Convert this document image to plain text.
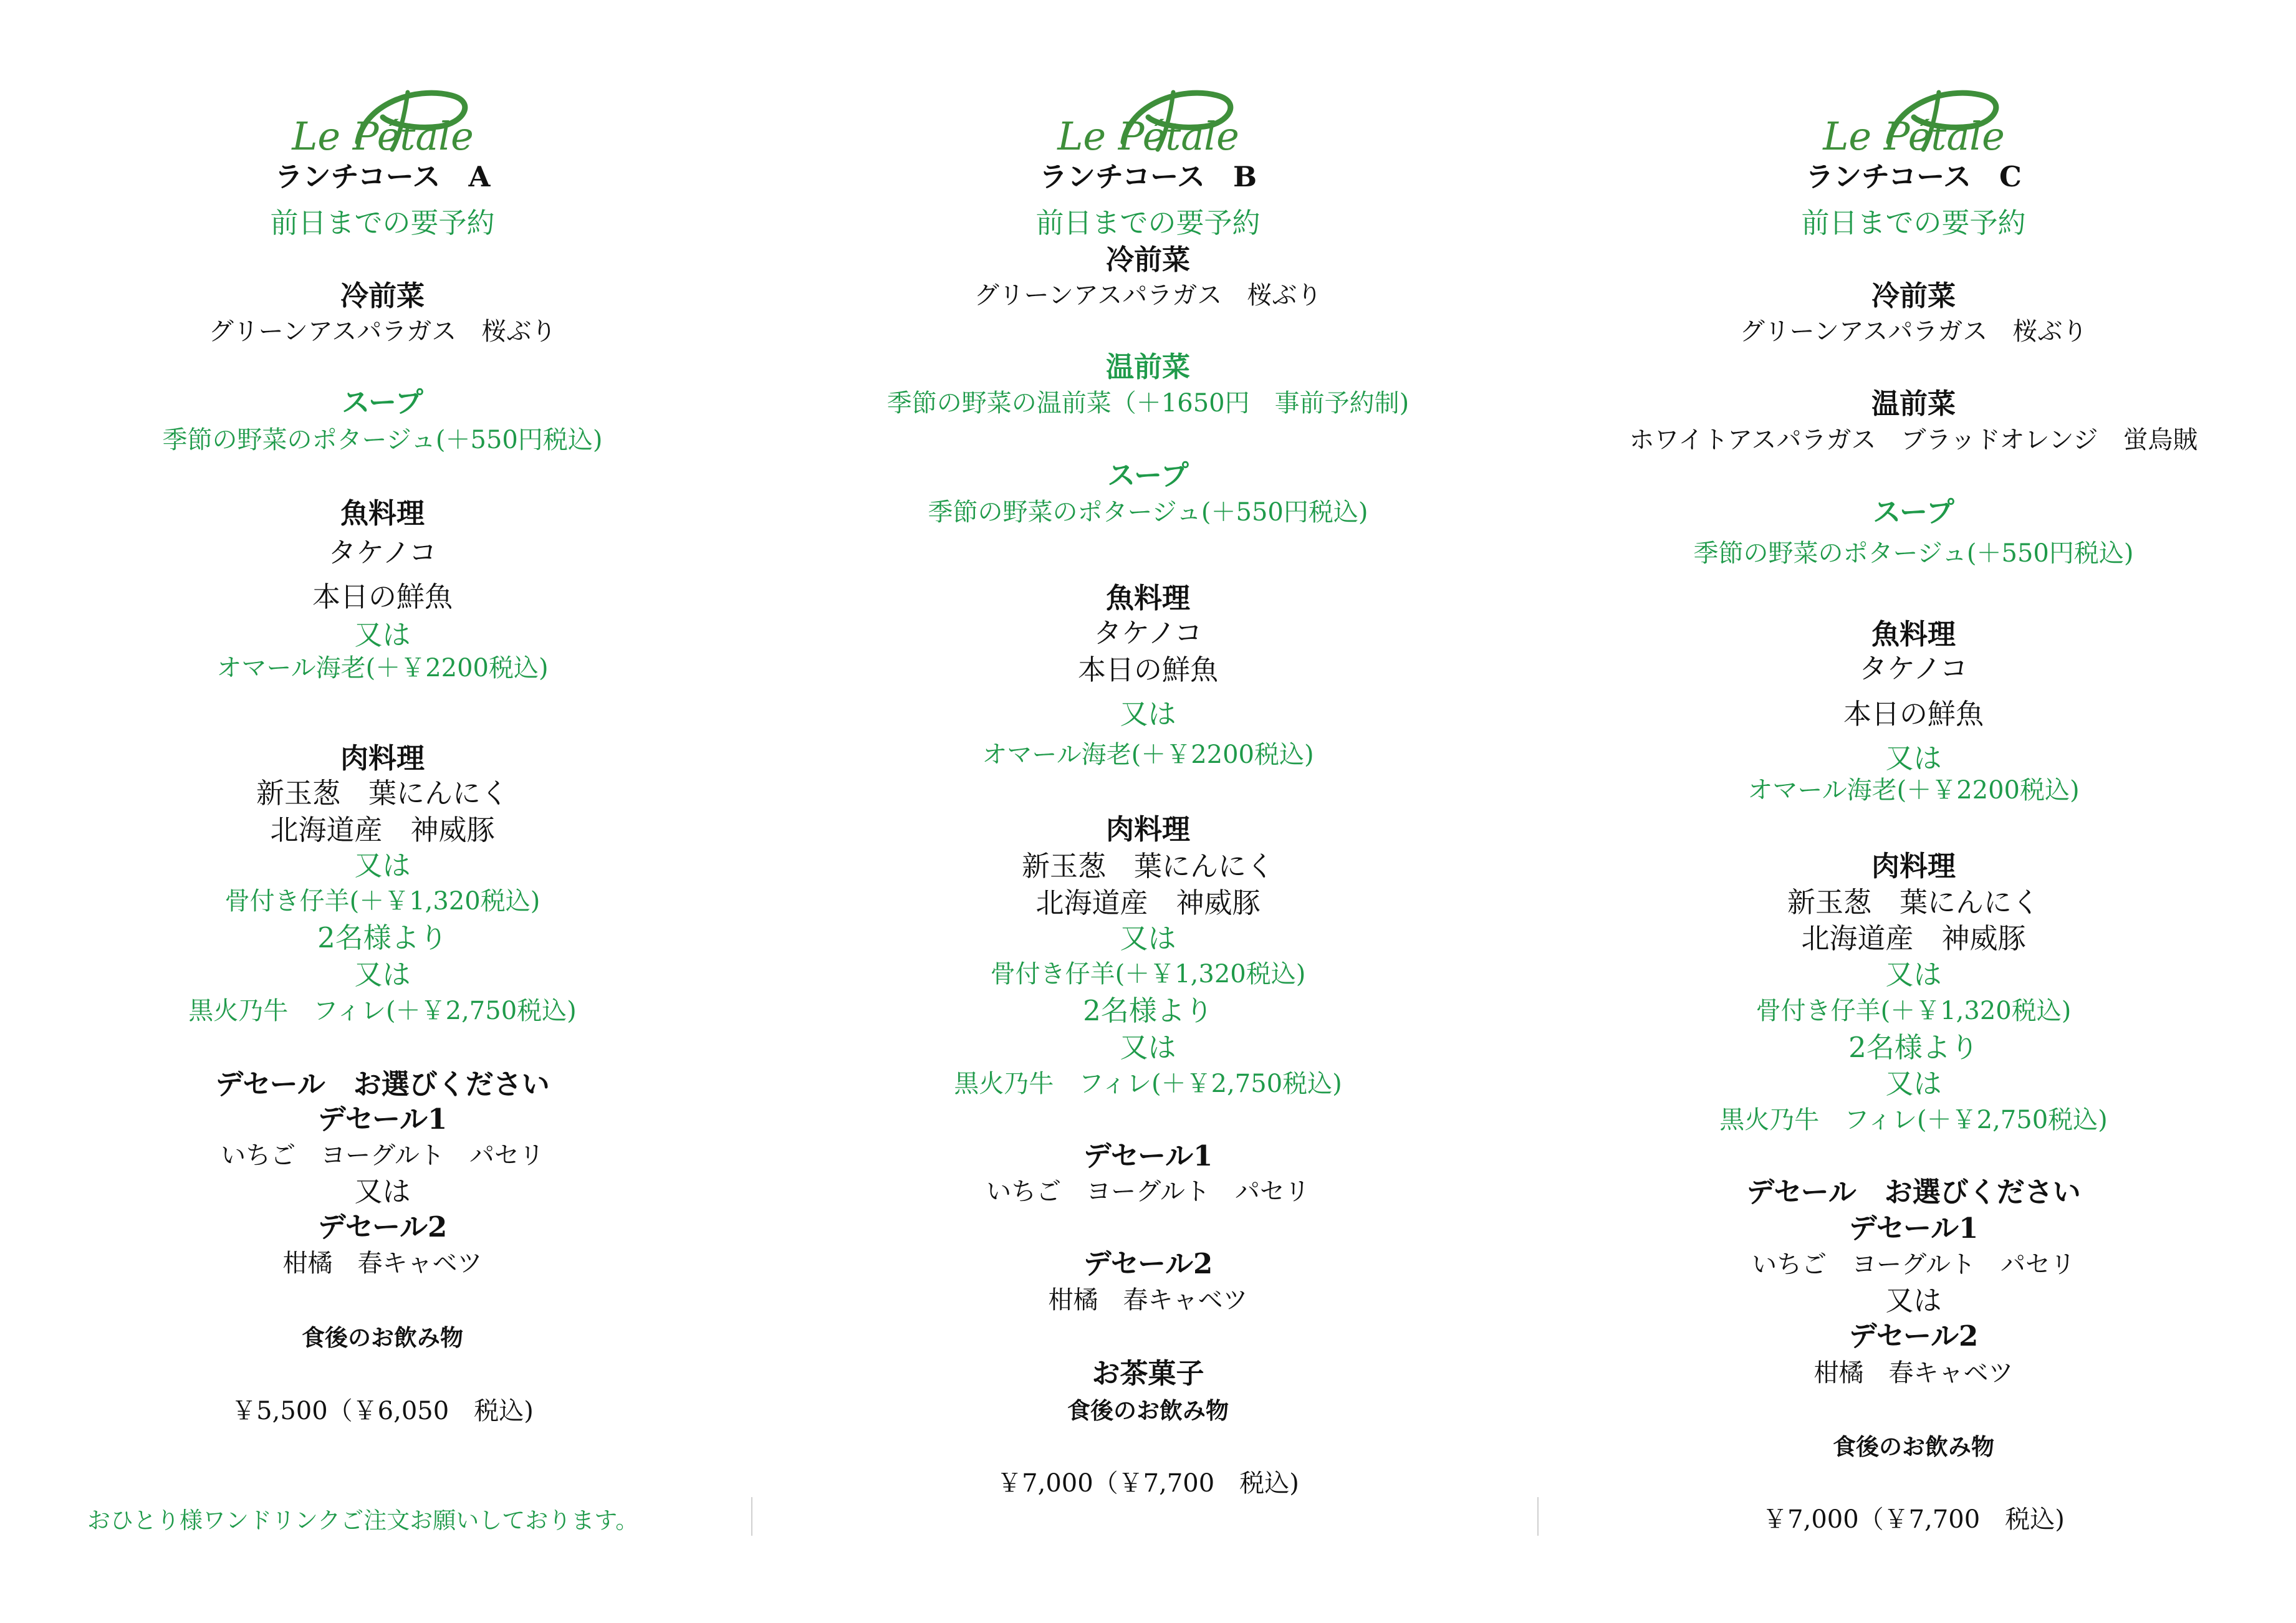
Le Pétale
ランチコース　A
前日までの要予約
冷前菜
グリーンアスパラガス　桜ぶり
スープ
季節の野菜のポタージュ(＋550円税込)
魚料理
タケノコ
本日の鮮魚
又は
オマール海老(＋￥2200税込)
肉料理
新玉葱　葉にんにく
北海道産　神威豚
又は
骨付き仔羊(＋￥1,320税込)
2名様より
又は
黒火乃牛　フィレ(＋￥2,750税込)
デセール　お選びください
デセール1
いちご　ヨーグルト　パセリ
又は
デセール2
柑橘　春キャベツ
食後のお飲み物
￥5,500（￥6,050　税込)
おひとり様ワンドリンクご注文お願いしております。
Le Pétale
ランチコース　B
前日までの要予約
冷前菜
グリーンアスパラガス　桜ぶり
温前菜
季節の野菜の温前菜（＋1650円　事前予約制)
スープ
季節の野菜のポタージュ(＋550円税込)
魚料理
タケノコ
本日の鮮魚
又は
オマール海老(＋￥2200税込)
肉料理
新玉葱　葉にんにく
北海道産　神威豚
又は
骨付き仔羊(＋￥1,320税込)
2名様より
又は
黒火乃牛　フィレ(＋￥2,750税込)
デセール1
いちご　ヨーグルト　パセリ
デセール2
柑橘　春キャベツ
お茶菓子
食後のお飲み物
￥7,000（￥7,700　税込)
Le Pétale
ランチコース　C
前日までの要予約
冷前菜
グリーンアスパラガス　桜ぶり
温前菜
ホワイトアスパラガス　ブラッドオレンジ　蛍烏賊
スープ
季節の野菜のポタージュ(＋550円税込)
魚料理
タケノコ
本日の鮮魚
又は
オマール海老(＋￥2200税込)
肉料理
新玉葱　葉にんにく
北海道産　神威豚
又は
骨付き仔羊(＋￥1,320税込)
2名様より
又は
黒火乃牛　フィレ(＋￥2,750税込)
デセール　お選びください
デセール1
いちご　ヨーグルト　パセリ
又は
デセール2
柑橘　春キャベツ
食後のお飲み物
￥7,000（￥7,700　税込)
